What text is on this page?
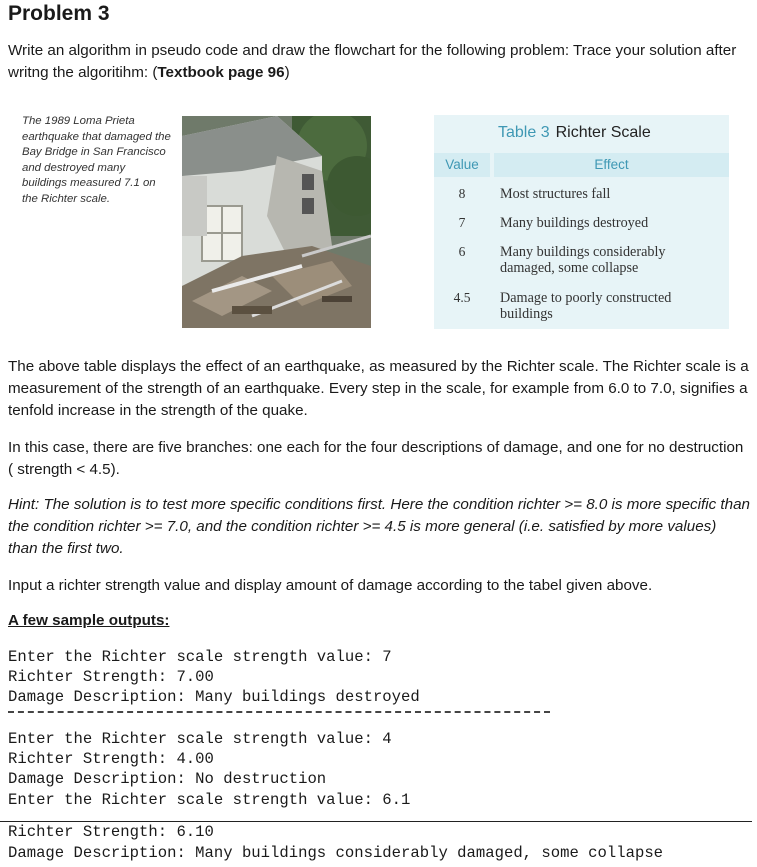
Problem 3
Write an algorithm in pseudo code and draw the flowchart for the following problem: Trace your solution after writng the algoritihm: (Textbook page 96)
The 1989 Loma Prieta earthquake that damaged the Bay Bridge in San Francisco and destroyed many buildings measured 7.1 on the Richter scale.
Table 3 Richter Scale
Value	Effect
8	Most structures fall
7	Many buildings destroyed
6	Many buildings considerably damaged, some collapse
4.5	Damage to poorly constructed buildings
The above table displays the effect of an earthquake, as measured by the Richter scale. The Richter scale is a measurement of the strength of an earthquake. Every step in the scale, for example from 6.0 to 7.0, signifies a tenfold increase in the strength of the quake.
In this case, there are five branches: one each for the four descriptions of damage, and one for no destruction ( strength < 4.5).
Hint: The solution is to test more specific conditions first. Here the condition richter >= 8.0 is more specific than the condition richter >= 7.0, and the condition richter >= 4.5 is more general (i.e. satisfied by more values) than the first two.
Input a richter strength value and display amount of damage according to the tabel given above.
A few sample outputs:
Enter the Richter scale strength value: 7
Richter Strength: 7.00
Damage Description: Many buildings destroyed
Enter the Richter scale strength value: 4
Richter Strength: 4.00
Damage Description: No destruction
Enter the Richter scale strength value: 6.1
Richter Strength: 6.10
Damage Description: Many buildings considerably damaged, some collapse
